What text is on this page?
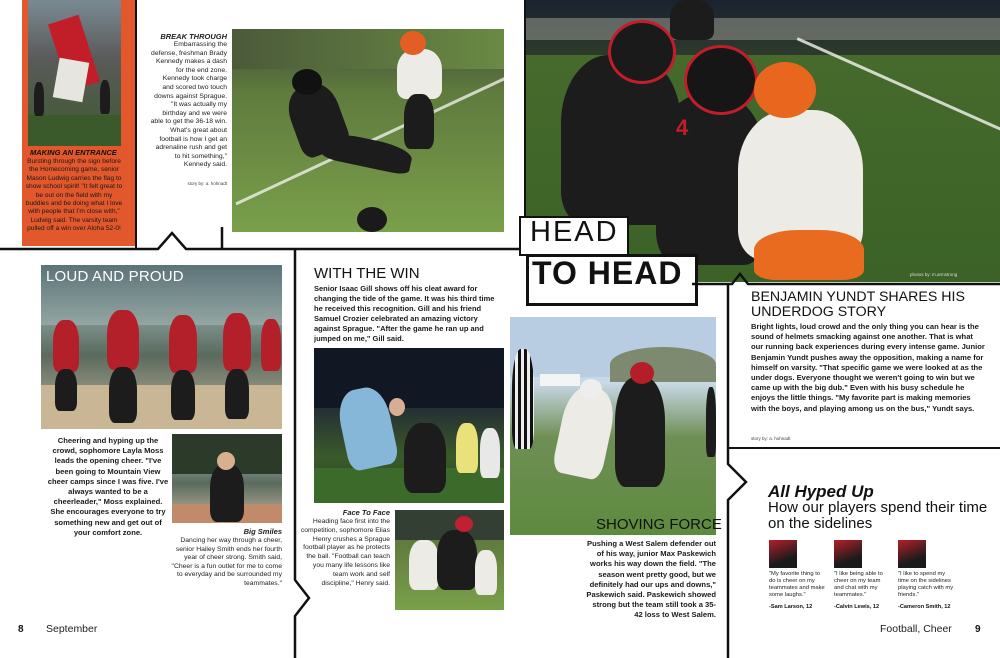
MAKING AN ENTRANCE
Bursting through the sign before the Homecoming game, senior Mason Ludwig carries the flag to show school spirit! "It felt great to be out on the field with my buddies and be doing what I love with people that I'm close with," Ludwig said. The varsity team pulled off a win over Aloha 52-0!
BREAK THROUGH
Embarrassing the defense, freshman Brady Kennedy makes a dash for the end zone. Kennedy took charge and scored two touch downs against Sprague. "It was actually my birthday and we were able to get the 36-18 win. What's great about football is how I get an adrenaline rush and get to hit something," Kennedy said.
story by: a. hohnadt
LOUD AND PROUD
Cheering and hyping up the crowd, sophomore Layla Moss leads the opening cheer. "I've been going to Mountain View cheer camps since I was five. I've always wanted to be a cheerleader," Moss explained. She encourages everyone to try something new and get out of your comfort zone.	Big Smiles
Dancing her way through a cheer, senior Hailey Smith ends her fourth year of cheer strong. Smith said, "Cheer is a fun outlet for me to come to everyday and be surrounded my teammates."
WITH THE WIN
Senior Isaac Gill shows off his cleat award for changing the tide of the game. It was his third time he received this recognition. Gill and his friend Samuel Crozier celebrated an amazing victory against Sprague. "After the game he ran up and jumped on me," Gill said.
Face To Face
Heading face first into the competition, sophomore Elias Henry crushes a Sprague football player as he protects the ball. "Football can teach you many life lessons like team work and self discipline," Henry said.
8 September
4
photos by: m.armstrong
HEAD
TO HEAD
SHOVING FORCE
Pushing a West Salem defender out of his way, junior Max Paskewich works his way down the field. "The season went pretty good, but we definitely had our ups and downs," Paskewich said. Paskewich showed strong but the team still took a 35-42 loss to West Salem.
BENJAMIN YUNDT SHARES HIS UNDERDOG STORY
Bright lights, loud crowd and the only thing you can hear is the sound of helmets smacking against one another. That is what our running back experiences during every intense game. Junior Benjamin Yundt pushes away the opposition, making a name for himself on varsity. "That specific game we were looked at as the under dogs. Everyone thought we weren't going to win but we came up with the big dub." Even with his busy schedule he enjoys the little things. "My favorite part is making memories with the boys, and playing among us on the bus," Yundt says.
story by: a. hohnadt
All Hyped Up
How our players spend their time on the sidelines
"My favorite thing to do is cheer on my teammates and make some laughs."
-Sam Larson, 12
"I like being able to cheer on my team and chat with my teammates."
-Calvin Lewis, 12
"I like to spend my time on the sidelines playing catch with my friends."
-Cameron Smith, 12
Football, Cheer 9
